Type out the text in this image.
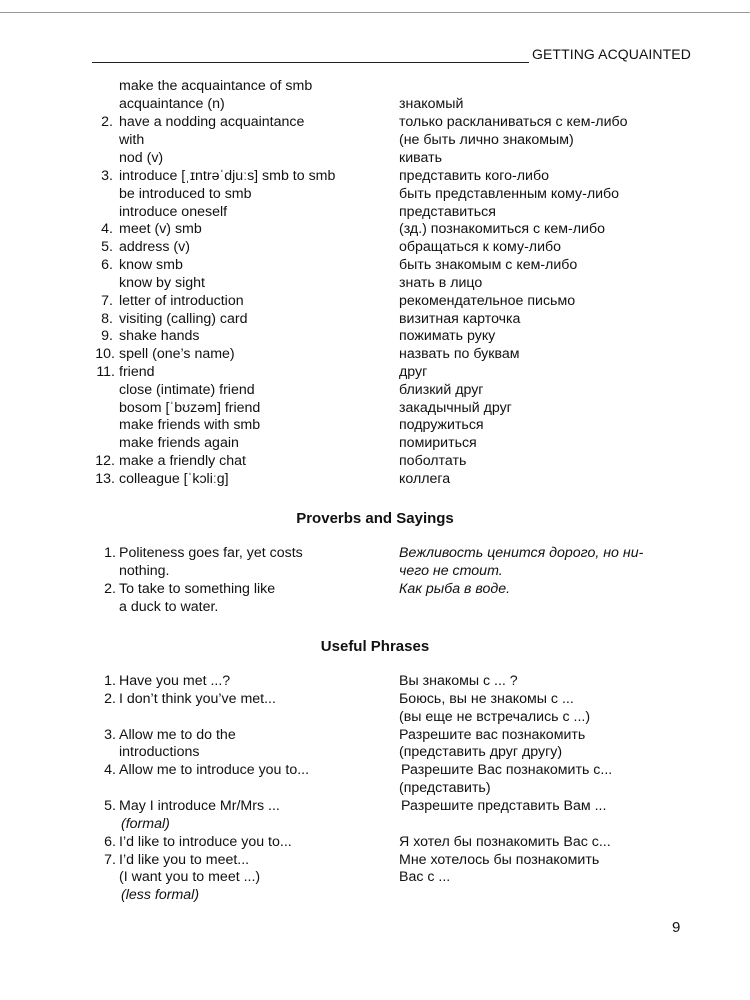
GETTING ACQUAINTED
make the acquaintance of smb
acquaintance (n)	знакомый
2. have a nodding acquaintance	только раскланиваться с кем-либо
with	(не быть лично знакомым)
nod (v)	кивать
3. introduce [ˌɪntrəˈdjuːs] smb to smb	представить кого-либо
be introduced to smb	быть представленным кому-либо
introduce oneself	представиться
4. meet (v) smb	(зд.) познакомиться с кем-либо
5. address (v)	обращаться к кому-либо
6. know smb	быть знакомым с кем-либо
know by sight	знать в лицо
7. letter of introduction	рекомендательное письмо
8. visiting (calling) card	визитная карточка
9. shake hands	пожимать руку
10. spell (one’s name)	назвать по буквам
11. friend	друг
close (intimate) friend	близкий друг
bosom [ˈbʊzəm] friend	закадычный друг
make friends with smb	подружиться
make friends again	помириться
12. make a friendly chat	поболтать
13. colleague [ˈkɔliːg]	коллега
Proverbs and Sayings
1. Politeness goes far, yet costs	Вежливость ценится дорого, но ни-
nothing.	чего не стоит.
2. To take to something like	Как рыба в воде.
a duck to water.
Useful Phrases
1. Have you met ...?	Вы знакомы с ... ?
2. I don’t think you’ve met...	Боюсь, вы не знакомы с ...
(вы еще не встречались с ...)
3. Allow me to do the	Разрешите вас познакомить
introductions	(представить друг другу)
4. Allow me to introduce you to...	Разрешите Вас познакомить с...
(представить)
5. May I introduce Mr/Mrs ...	Разрешите представить Вам ...
(formal)
6. I’d like to introduce you to...	Я хотел бы познакомить Вас с...
7. I’d like you to meet...	Мне хотелось бы познакомить
(I want you to meet ...)	Вас с ...
(less formal)
9
